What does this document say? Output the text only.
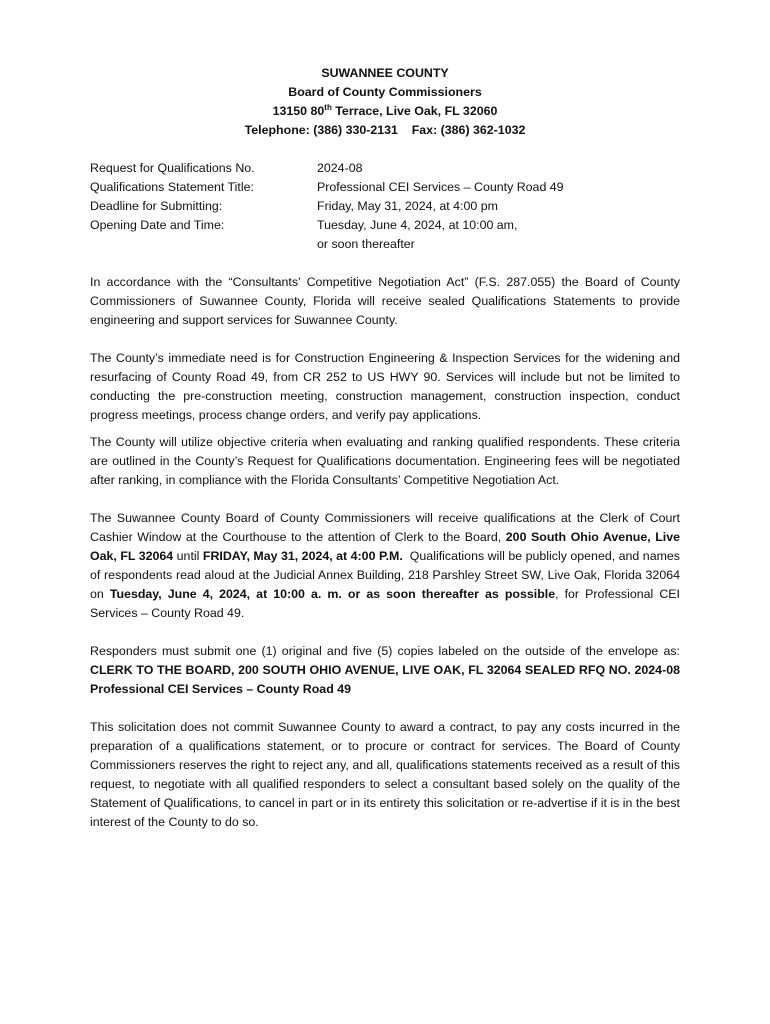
SUWANNEE COUNTY
Board of County Commissioners
13150 80th Terrace, Live Oak, FL 32060
Telephone: (386) 330-2131    Fax: (386) 362-1032
Request for Qualifications No.	2024-08
Qualifications Statement Title:	Professional CEI Services – County Road 49
Deadline for Submitting:	Friday, May 31, 2024, at 4:00 pm
Opening Date and Time:	Tuesday, June 4, 2024, at 10:00 am,
or soon thereafter

In accordance with the “Consultants’ Competitive Negotiation Act” (F.S. 287.055) the Board of County Commissioners of Suwannee County, Florida will receive sealed Qualifications Statements to provide engineering and support services for Suwannee County.

The County’s immediate need is for Construction Engineering & Inspection Services for the widening and resurfacing of County Road 49, from CR 252 to US HWY 90. Services will include but not be limited to conducting the pre-construction meeting, construction management, construction inspection, conduct progress meetings, process change orders, and verify pay applications.

The County will utilize objective criteria when evaluating and ranking qualified respondents. These criteria are outlined in the County’s Request for Qualifications documentation. Engineering fees will be negotiated after ranking, in compliance with the Florida Consultants’ Competitive Negotiation Act.

The Suwannee County Board of County Commissioners will receive qualifications at the Clerk of Court Cashier Window at the Courthouse to the attention of Clerk to the Board, 200 South Ohio Avenue, Live Oak, FL 32064 until FRIDAY, May 31, 2024, at 4:00 P.M.  Qualifications will be publicly opened, and names of respondents read aloud at the Judicial Annex Building, 218 Parshley Street SW, Live Oak, Florida 32064 on Tuesday, June 4, 2024, at 10:00 a. m. or as soon thereafter as possible, for Professional CEI Services – County Road 49.

Responders must submit one (1) original and five (5) copies labeled on the outside of the envelope as: CLERK TO THE BOARD, 200 SOUTH OHIO AVENUE, LIVE OAK, FL 32064 SEALED RFQ NO. 2024-08 Professional CEI Services – County Road 49

This solicitation does not commit Suwannee County to award a contract, to pay any costs incurred in the preparation of a qualifications statement, or to procure or contract for services. The Board of County Commissioners reserves the right to reject any, and all, qualifications statements received as a result of this request, to negotiate with all qualified responders to select a consultant based solely on the quality of the Statement of Qualifications, to cancel in part or in its entirety this solicitation or re-advertise if it is in the best interest of the County to do so.
